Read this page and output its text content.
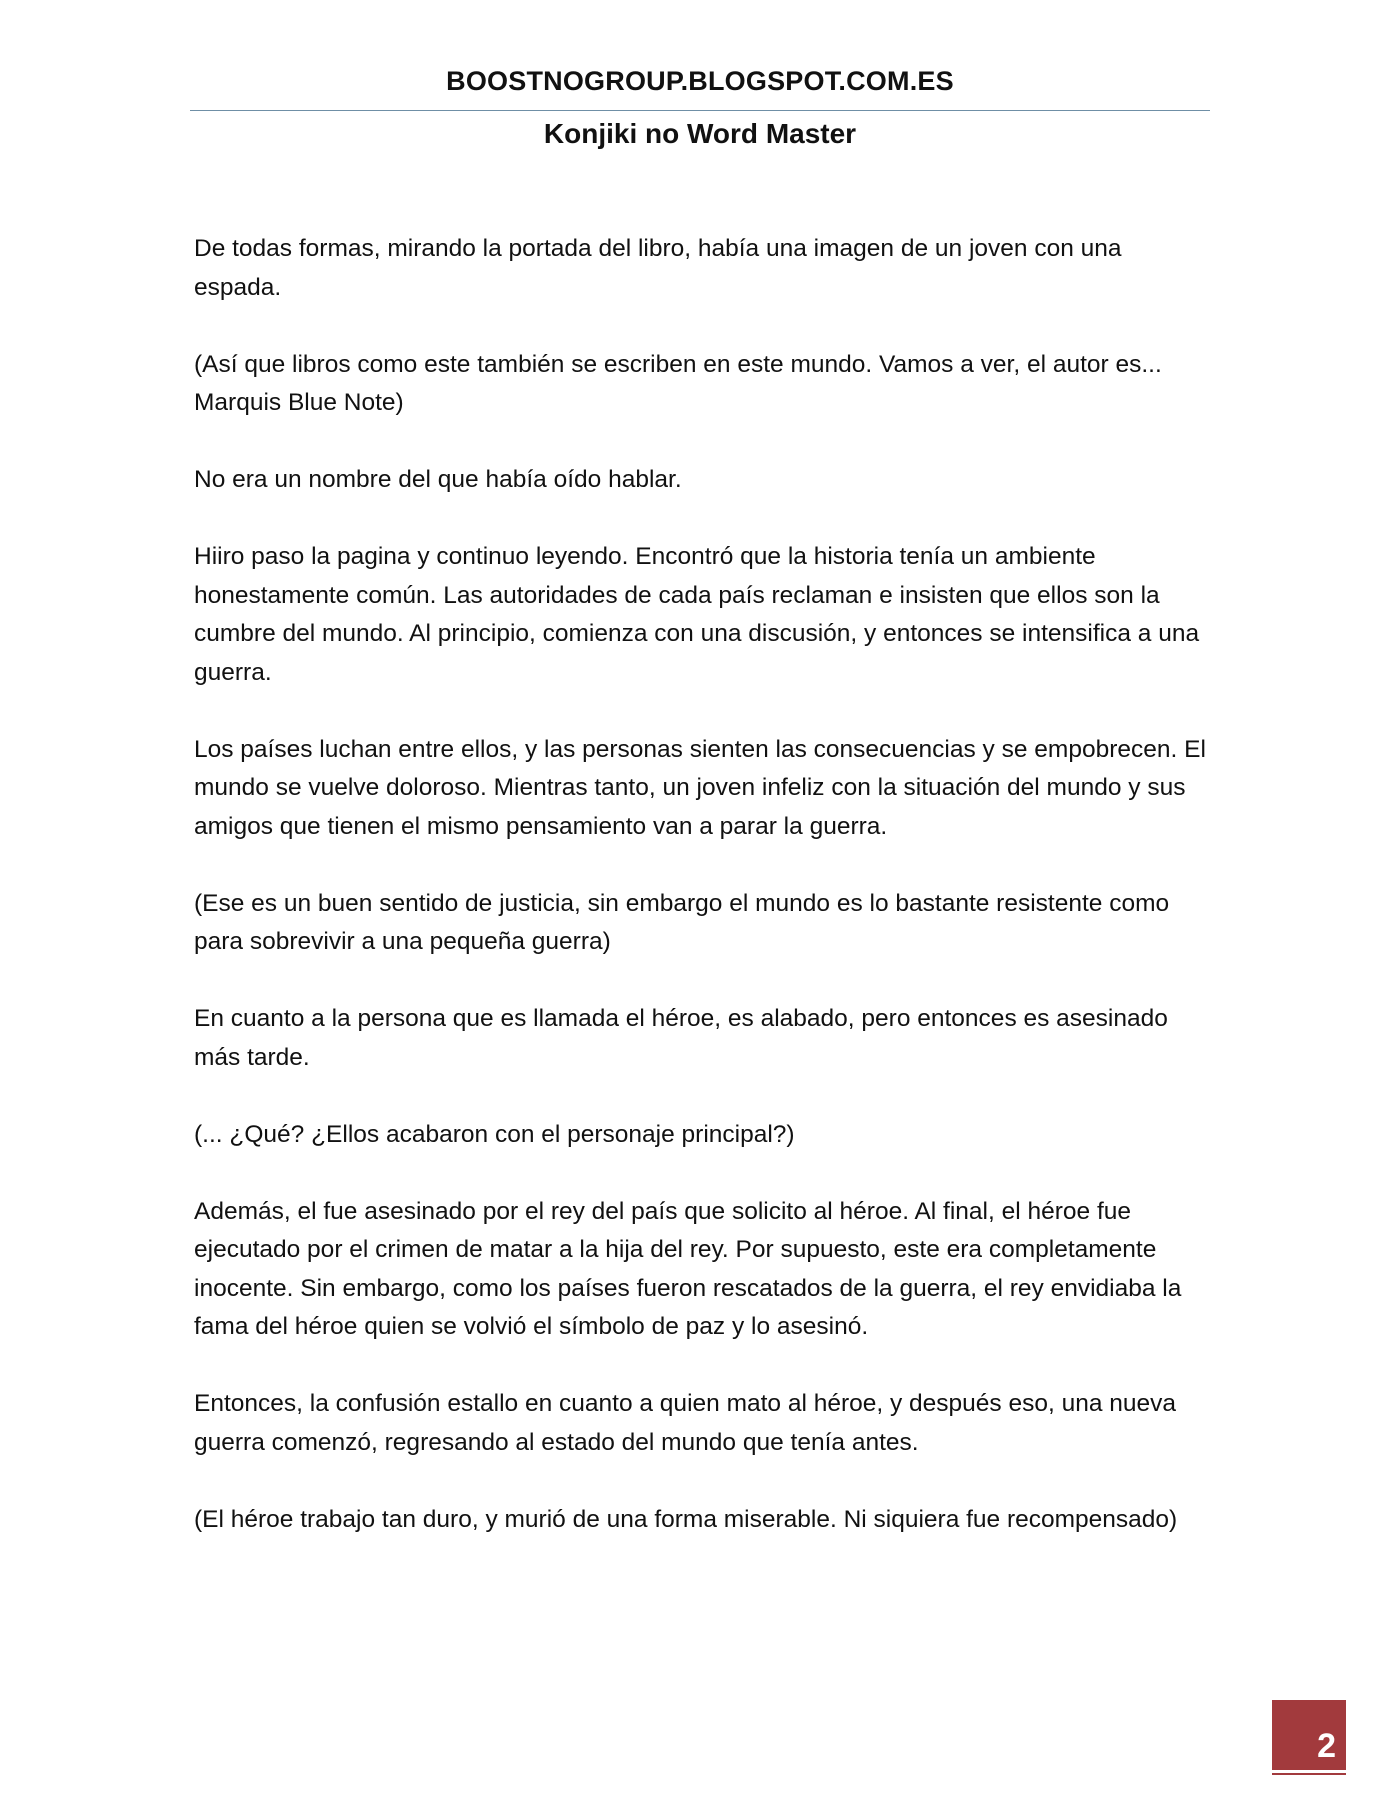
BOOSTNOGROUP.BLOGSPOT.COM.ES
Konjiki no Word Master

De todas formas, mirando la portada del libro, había una imagen de un joven con una espada.

(Así que libros como este también se escriben en este mundo. Vamos a ver, el autor es... Marquis Blue Note)

No era un nombre del que había oído hablar.

Hiiro paso la pagina y continuo leyendo. Encontró que la historia tenía un ambiente honestamente común. Las autoridades de cada país reclaman e insisten que ellos son la cumbre del mundo. Al principio, comienza con una discusión, y entonces se intensifica a una guerra.

Los países luchan entre ellos, y las personas sienten las consecuencias y se empobrecen. El mundo se vuelve doloroso. Mientras tanto, un joven infeliz con la situación del mundo y sus amigos que tienen el mismo pensamiento van a parar la guerra.

(Ese es un buen sentido de justicia, sin embargo el mundo es lo bastante resistente como para sobrevivir a una pequeña guerra)

En cuanto a la persona que es llamada el héroe, es alabado, pero entonces es asesinado más tarde.

(... ¿Qué? ¿Ellos acabaron con el personaje principal?)

Además, el fue asesinado por el rey del país que solicito al héroe. Al final, el héroe fue ejecutado por el crimen de matar a la hija del rey. Por supuesto, este era completamente inocente. Sin embargo, como los países fueron rescatados de la guerra, el rey envidiaba la fama del héroe quien se volvió el símbolo de paz y lo asesinó.

Entonces, la confusión estallo en cuanto a quien mato al héroe, y después eso, una nueva guerra comenzó, regresando al estado del mundo que tenía antes.

(El héroe trabajo tan duro, y murió de una forma miserable. Ni siquiera fue recompensado)

2
